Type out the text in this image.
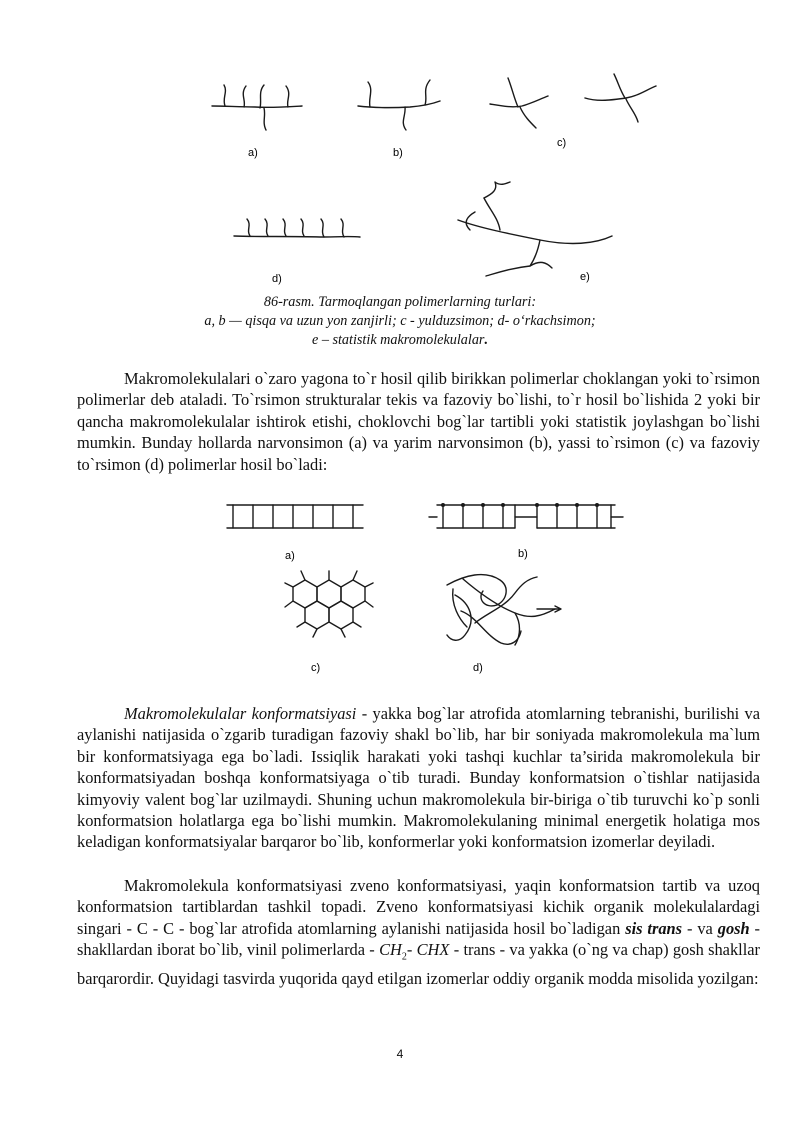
a)	b)
c)
d)	e)
86-rasm. Tarmoqlangan polimerlarning turlari:
a, b — qisqa va uzun yon zanjirli; c - yulduzsimon; d- o‘rkachsimon;
e – statistik makromolekulalar.
Makromolekulalari o`zaro yagona to`r hosil qilib birikkan polimerlar choklangan yoki to`rsimon polimerlar deb ataladi. To`rsimon strukturalar tekis va fazoviy bo`lishi, to`r hosil bo`lishida 2 yoki bir qancha makromolekulalar ishtirok etishi, choklovchi bog`lar tartibli yoki statistik joylashgan bo`lishi mumkin. Bunday hollarda narvonsimon (a) va yarim narvonsimon (b), yassi to`rsimon (c) va fazoviy to`rsimon (d) polimerlar hosil bo`ladi:
a)	b)
c)	d)
Makromolekulalar konformatsiyasi - yakka bog`lar atrofida atomlarning tebranishi, burilishi va aylanishi natijasida o`zgarib turadigan fazoviy shakl bo`lib, har bir soniyada makromolekula ma`lum bir konformatsiyaga ega bo`ladi. Issiqlik harakati yoki tashqi kuchlar ta’sirida makromolekula bir konformatsiyadan boshqa konformatsiyaga o`tib turadi. Bunday konformatsion o`tishlar natijasida kimyoviy valent bog`lar uzilmaydi. Shuning uchun makromolekula bir-biriga o`tib turuvchi ko`p sonli konformatsion holatlarga ega bo`lishi mumkin. Makromolekulaning minimal energetik holatiga mos keladigan konformatsiyalar barqaror bo`lib, konformerlar yoki konformatsion izomerlar deyiladi.
Makromolekula konformatsiyasi zveno konformatsiyasi, yaqin konformatsion tartib va uzoq konformatsion tartiblardan tashkil topadi. Zveno konformatsiyasi kichik organik molekulalardagi singari - C - C - bog`lar atrofida atomlarning aylanishi natijasida hosil bo`ladigan sis trans - va gosh - shakllardan iborat bo`lib, vinil polimerlarda - $CH_2-$ CHX - trans - va yakka (o`ng va chap) gosh shakllar barqarordir. Quyidagi tasvirda yuqorida qayd etilgan izomerlar oddiy organik modda misolida yozilgan:
4
